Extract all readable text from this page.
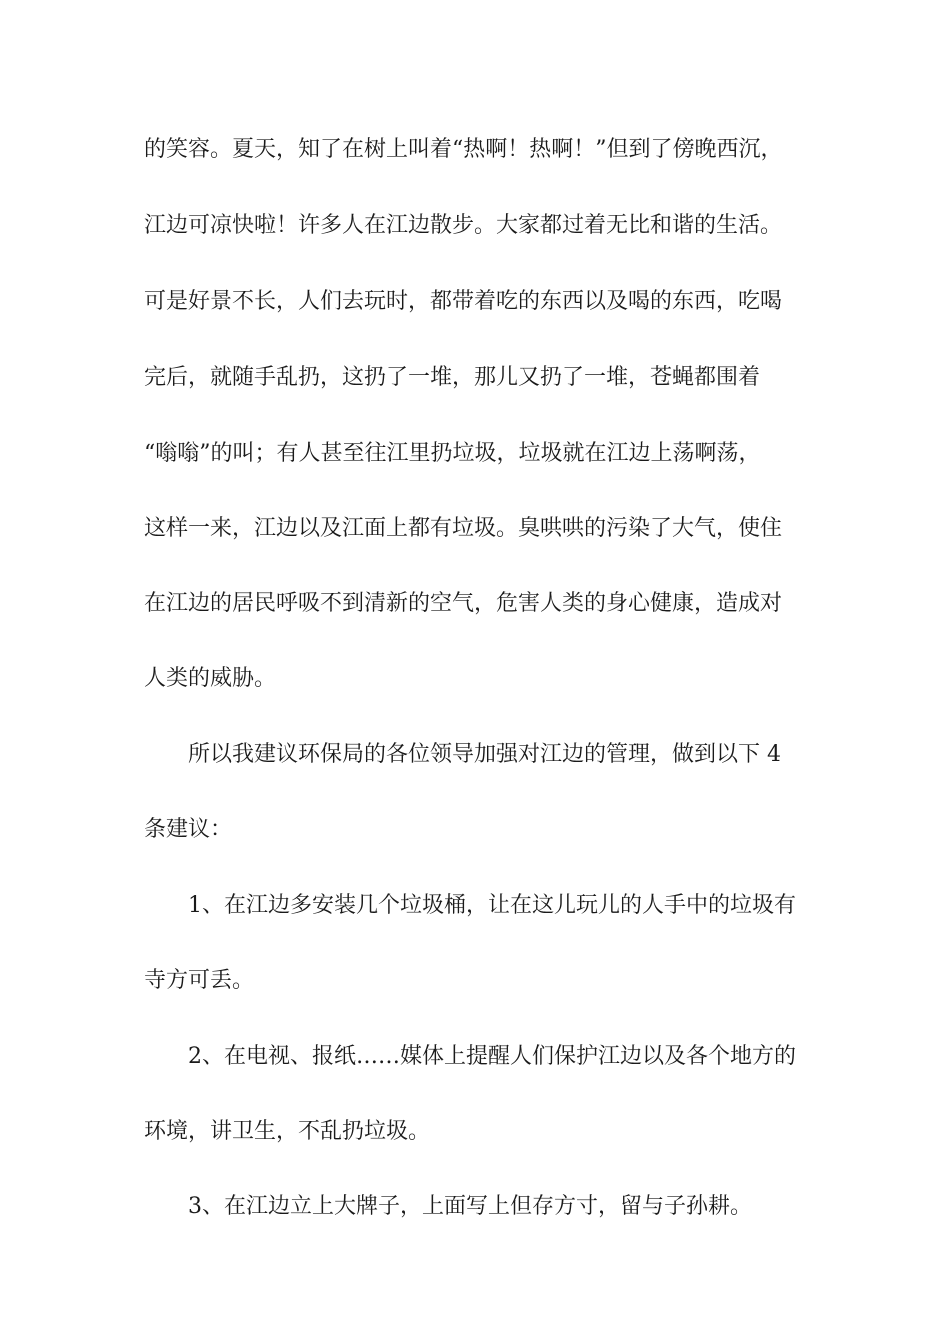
的笑容。夏天，知了在树上叫着“热啊！热啊！”但到了傍晚西沉，
江边可凉快啦！许多人在江边散步。大家都过着无比和谐的生活。
可是好景不长，人们去玩时，都带着吃的东西以及喝的东西，吃喝
完后，就随手乱扔，这扔了一堆，那儿又扔了一堆，苍蝇都围着
“嗡嗡”的叫；有人甚至往江里扔垃圾，垃圾就在江边上荡啊荡，
这样一来，江边以及江面上都有垃圾。臭哄哄的污染了大气，使住
在江边的居民呼吸不到清新的空气，危害人类的身心健康，造成对
人类的威胁。
所以我建议环保局的各位领导加强对江边的管理，做到以下 4
条建议：
1、在江边多安装几个垃圾桶，让在这儿玩儿的人手中的垃圾有
寺方可丢。
2、在电视、报纸……媒体上提醒人们保护江边以及各个地方的
环境，讲卫生，不乱扔垃圾。
3、在江边立上大牌子，上面写上但存方寸，留与子孙耕。
